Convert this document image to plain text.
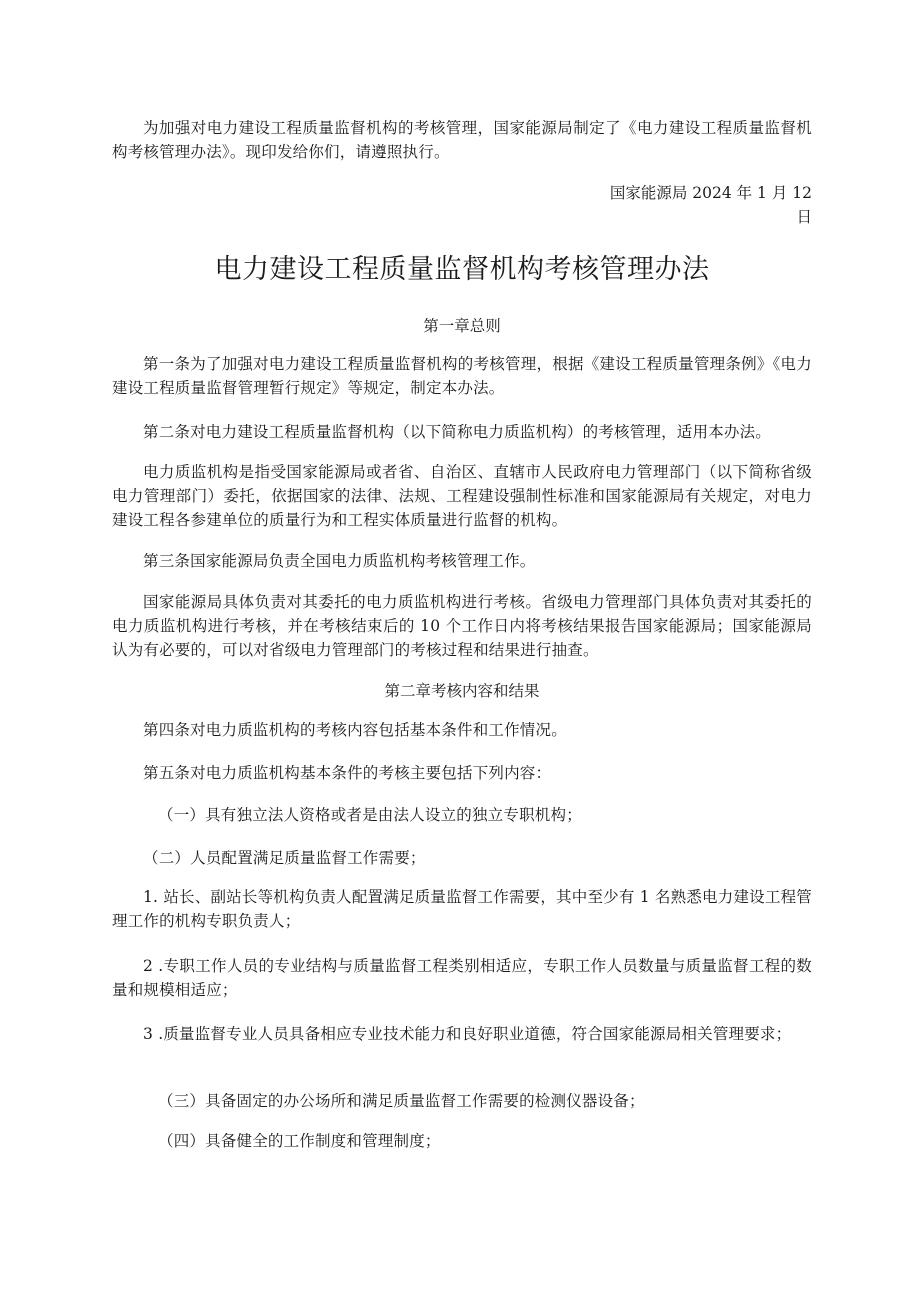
为加强对电力建设工程质量监督机构的考核管理，国家能源局制定了《电力建设工程质量监督机构考核管理办法》。现印发给你们，请遵照执行。

国家能源局 2024 年 1 月 12 日

电力建设工程质量监督机构考核管理办法

第一章总则

第一条为了加强对电力建设工程质量监督机构的考核管理，根据《建设工程质量管理条例》《电力建设工程质量监督管理暂行规定》等规定，制定本办法。

第二条对电力建设工程质量监督机构（以下简称电力质监机构）的考核管理，适用本办法。

电力质监机构是指受国家能源局或者省、自治区、直辖市人民政府电力管理部门（以下简称省级电力管理部门）委托，依据国家的法律、法规、工程建设强制性标准和国家能源局有关规定，对电力建设工程各参建单位的质量行为和工程实体质量进行监督的机构。

第三条国家能源局负责全国电力质监机构考核管理工作。

国家能源局具体负责对其委托的电力质监机构进行考核。省级电力管理部门具体负责对其委托的电力质监机构进行考核，并在考核结束后的 10 个工作日内将考核结果报告国家能源局；国家能源局认为有必要的，可以对省级电力管理部门的考核过程和结果进行抽查。

第二章考核内容和结果

第四条对电力质监机构的考核内容包括基本条件和工作情况。

第五条对电力质监机构基本条件的考核主要包括下列内容：

（一）具有独立法人资格或者是由法人设立的独立专职机构；

（二）人员配置满足质量监督工作需要；

1. 站长、副站长等机构负责人配置满足质量监督工作需要，其中至少有 1 名熟悉电力建设工程管理工作的机构专职负责人；

2 .专职工作人员的专业结构与质量监督工程类别相适应，专职工作人员数量与质量监督工程的数量和规模相适应；

3 .质量监督专业人员具备相应专业技术能力和良好职业道德，符合国家能源局相关管理要求；

（三）具备固定的办公场所和满足质量监督工作需要的检测仪器设备；

（四）具备健全的工作制度和管理制度；
